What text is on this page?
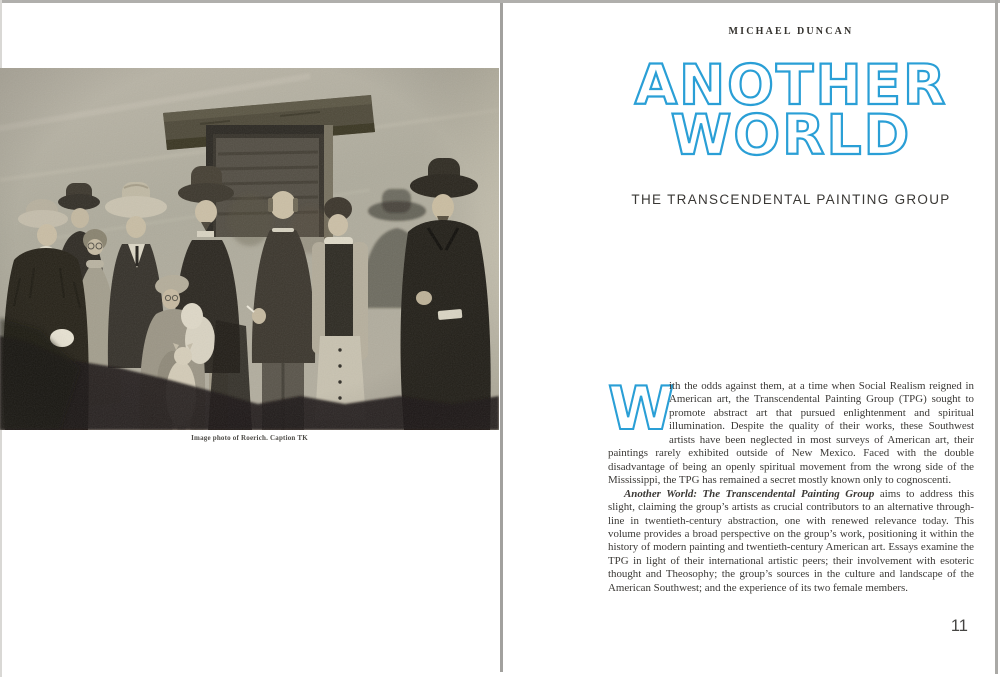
Image photo of Roerich. Caption TK

MICHAEL DUNCAN
ANOTHER
WORLD
THE TRANSCENDENTAL PAINTING GROUP

W
ith the odds against them, at a time when Social Realism reigned in American art, the Transcendental Painting Group (TPG) sought to promote abstract art that pursued enlightenment and spiritual illumination. Despite the quality of their works, these Southwest artists have been neglected in most surveys of American art, their paintings rarely exhibited outside of New Mexico. Faced with the double disadvantage of being an openly spiritual movement from the wrong side of the Mississippi, the TPG has remained a secret mostly known only to cognoscenti.

Another World: The Transcendental Painting Group aims to address this slight, claiming the group’s artists as crucial contributors to an alternative through-line in twentieth-century abstraction, one with renewed relevance today. This volume provides a broad perspective on the group’s work, positioning it within the history of modern painting and twentieth-century American art. Essays examine the TPG in light of their international artistic peers; their involvement with esoteric thought and Theosophy; the group’s sources in the culture and landscape of the American Southwest; and the experience of its two female members.

11
